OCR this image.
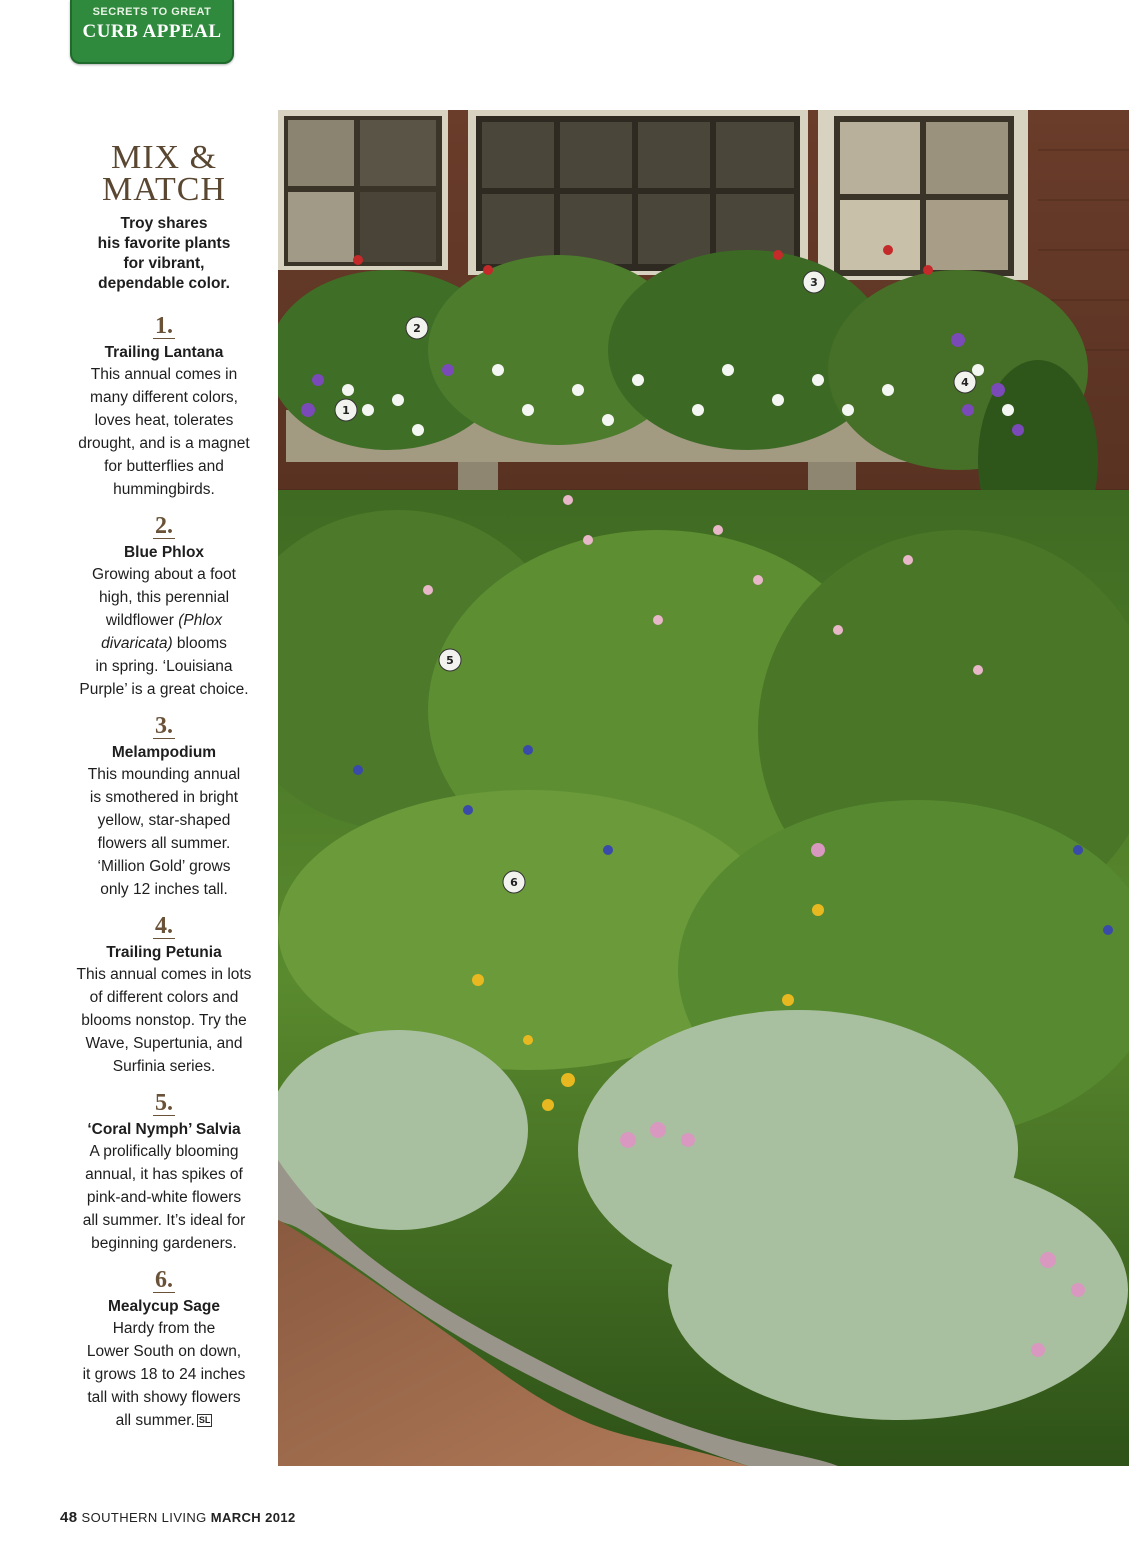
SECRETS TO GREAT
CURB APPEAL
MIX &
MATCH
Troy shares
his favorite plants
for vibrant,
dependable color.
1.
Trailing Lantana
This annual comes in
many different colors,
loves heat, tolerates
drought, and is a magnet
for butterflies and
hummingbirds.
2.
Blue Phlox
Growing about a foot
high, this perennial
wildflower (Phlox
divaricata) blooms
in spring. ‘Louisiana
Purple’ is a great choice.
3.
Melampodium
This mounding annual
is smothered in bright
yellow, star-shaped
flowers all summer.
‘Million Gold’ grows
only 12 inches tall.
4.
Trailing Petunia
This annual comes in lots
of different colors and
blooms nonstop. Try the
Wave, Supertunia, and
Surfinia series.
5.
‘Coral Nymph’ Salvia
A prolifically blooming
annual, it has spikes of
pink-and-white flowers
all summer. It’s ideal for
beginning gardeners.
6.
Mealycup Sage
Hardy from the
Lower South on down,
it grows 18 to 24 inches
tall with showy flowers
all summer. SL
1
2
3
4
5
6
48 SOUTHERN LIVING MARCH 2012
